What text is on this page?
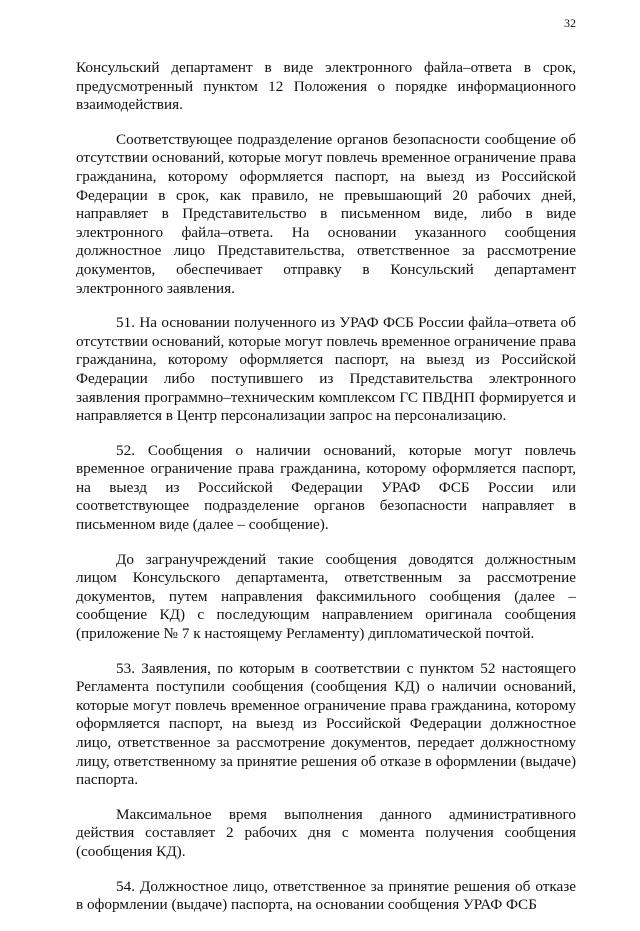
32

Консульский департамент в виде электронного файла–ответа в срок, предусмотренный пунктом 12 Положения о порядке информационного взаимодействия.

Соответствующее подразделение органов безопасности сообщение об отсутствии оснований, которые могут повлечь временное ограничение права гражданина, которому оформляется паспорт, на выезд из Российской Федерации в срок, как правило, не превышающий 20 рабочих дней, направляет в Представительство в письменном виде, либо в виде электронного файла–ответа. На основании указанного сообщения должностное лицо Представительства, ответственное за рассмотрение документов, обеспечивает отправку в Консульский департамент электронного заявления.

51. На основании полученного из УРАФ ФСБ России файла–ответа об отсутствии оснований, которые могут повлечь временное ограничение права гражданина, которому оформляется паспорт, на выезд из Российской Федерации либо поступившего из Представительства электронного заявления программно–техническим комплексом ГС ПВДНП формируется и направляется в Центр персонализации запрос на персонализацию.

52. Сообщения о наличии оснований, которые могут повлечь временное ограничение права гражданина, которому оформляется паспорт, на выезд из Российской Федерации УРАФ ФСБ России или соответствующее подразделение органов безопасности направляет в письменном виде (далее – сообщение).

До загранучреждений такие сообщения доводятся должностным лицом Консульского департамента, ответственным за рассмотрение документов, путем направления факсимильного сообщения (далее – сообщение КД) с последующим направлением оригинала сообщения (приложение № 7 к настоящему Регламенту) дипломатической почтой.

53. Заявления, по которым в соответствии с пунктом 52 настоящего Регламента поступили сообщения (сообщения КД) о наличии оснований, которые могут повлечь временное ограничение права гражданина, которому оформляется паспорт, на выезд из Российской Федерации должностное лицо, ответственное за рассмотрение документов, передает должностному лицу, ответственному за принятие решения об отказе в оформлении (выдаче) паспорта.

Максимальное время выполнения данного административного действия составляет 2 рабочих дня с момента получения сообщения (сообщения КД).

54. Должностное лицо, ответственное за принятие решения об отказе в оформлении (выдаче) паспорта, на основании сообщения УРАФ ФСБ
